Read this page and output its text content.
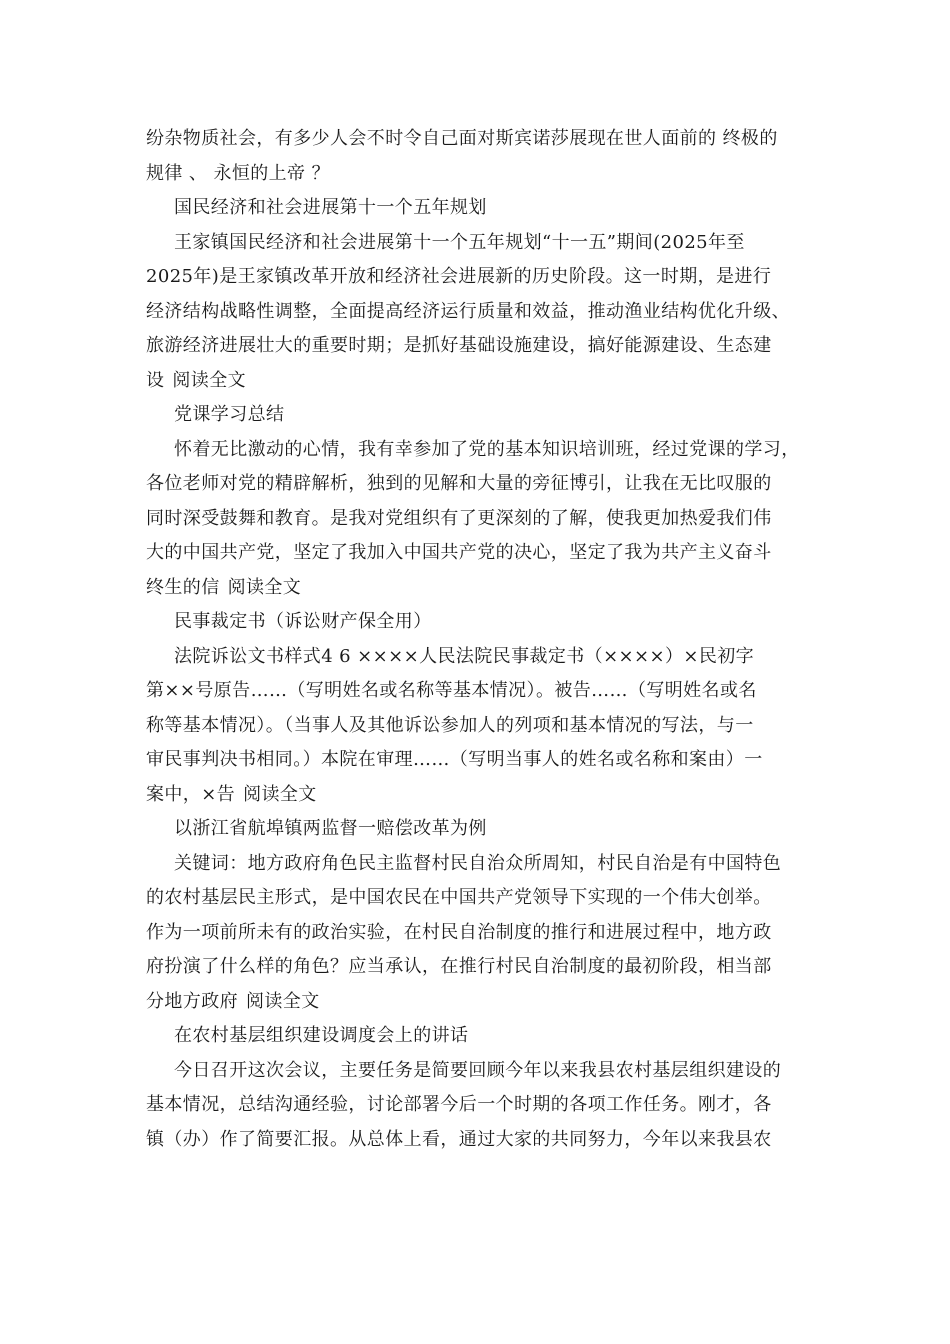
纷杂物质社会，有多少人会不时令自己面对斯宾诺莎展现在世人面前的 终极的
规律 、 永恒的上帝 ？
国民经济和社会进展第十一个五年规划
王家镇国民经济和社会进展第十一个五年规划“十一五”期间(2025年至
2025年)是王家镇改革开放和经济社会进展新的历史阶段。这一时期，是进行
经济结构战略性调整，全面提高经济运行质量和效益，推动渔业结构优化升级、
旅游经济进展壮大的重要时期；是抓好基础设施建设，搞好能源建设、生态建
设 阅读全文
党课学习总结
怀着无比激动的心情，我有幸参加了党的基本知识培训班，经过党课的学习，
各位老师对党的精辟解析，独到的见解和大量的旁征博引，让我在无比叹服的
同时深受鼓舞和教育。是我对党组织有了更深刻的了解，使我更加热爱我们伟
大的中国共产党，坚定了我加入中国共产党的决心，坚定了我为共产主义奋斗
终生的信 阅读全文
民事裁定书（诉讼财产保全用）
法院诉讼文书样式4 6 ××××人民法院民事裁定书（××××）×民初字
第××号原告……（写明姓名或名称等基本情况）。被告……（写明姓名或名
称等基本情况）。（当事人及其他诉讼参加人的列项和基本情况的写法，与一
审民事判决书相同。）本院在审理……（写明当事人的姓名或名称和案由）一
案中，×告 阅读全文
以浙江省航埠镇两监督一赔偿改革为例
关键词：地方政府角色民主监督村民自治众所周知，村民自治是有中国特色
的农村基层民主形式，是中国农民在中国共产党领导下实现的一个伟大创举。
作为一项前所未有的政治实验，在村民自治制度的推行和进展过程中，地方政
府扮演了什么样的角色？应当承认，在推行村民自治制度的最初阶段，相当部
分地方政府 阅读全文
在农村基层组织建设调度会上的讲话
今日召开这次会议，主要任务是简要回顾今年以来我县农村基层组织建设的
基本情况，总结沟通经验，讨论部署今后一个时期的各项工作任务。刚才，各
镇（办）作了简要汇报。从总体上看，通过大家的共同努力，今年以来我县农
